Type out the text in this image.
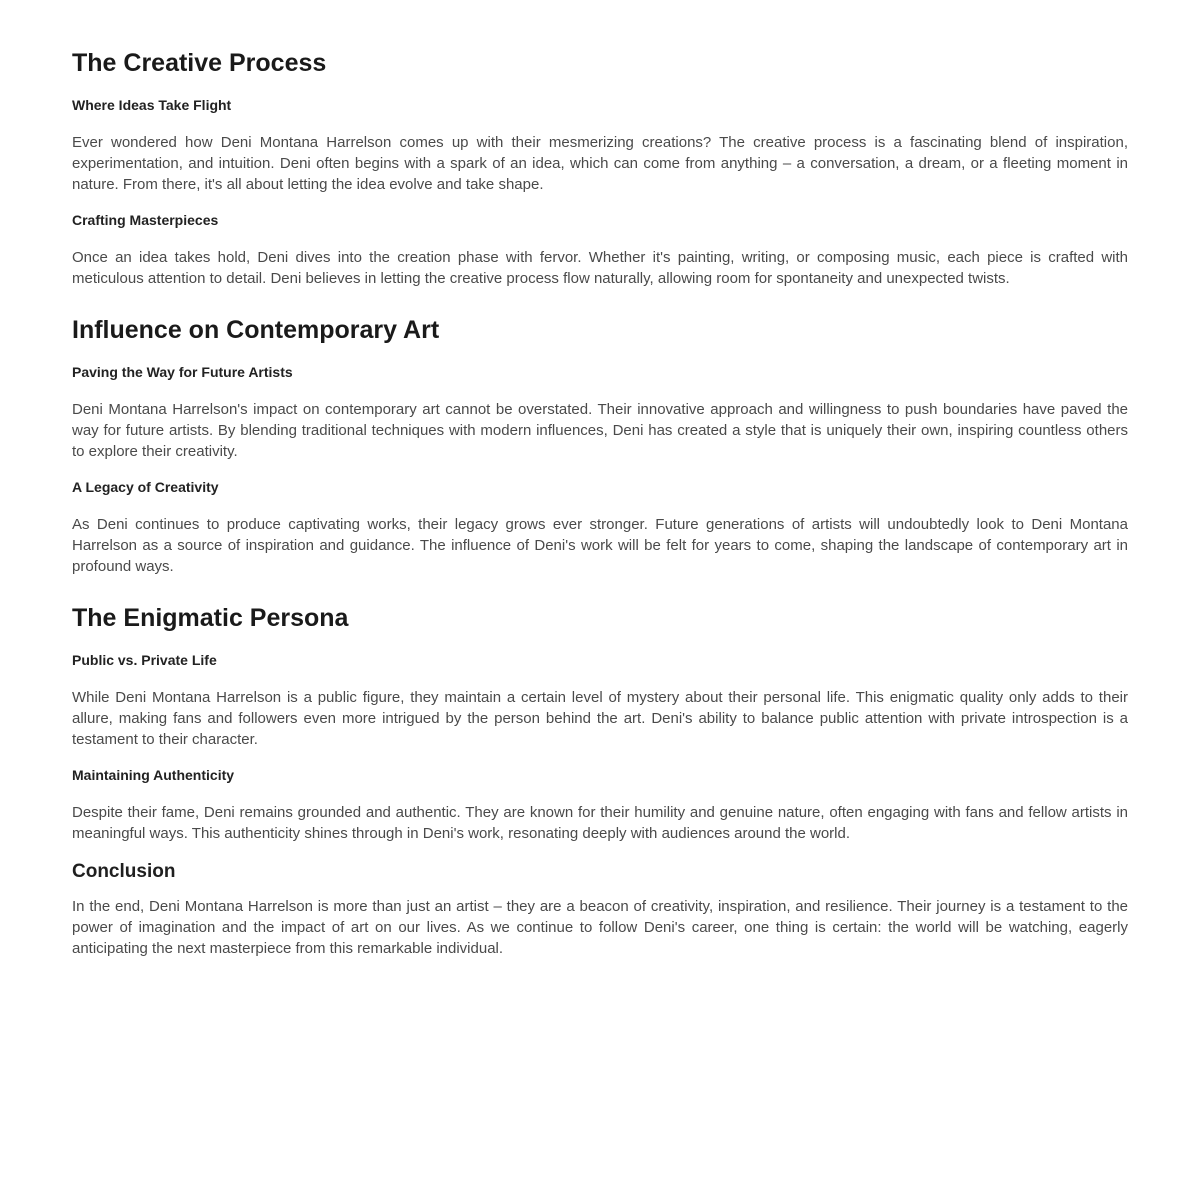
The Creative Process
Where Ideas Take Flight

Ever wondered how Deni Montana Harrelson comes up with their mesmerizing creations? The creative process is a fascinating blend of inspiration, experimentation, and intuition. Deni often begins with a spark of an idea, which can come from anything – a conversation, a dream, or a fleeting moment in nature. From there, it's all about letting the idea evolve and take shape.

Crafting Masterpieces

Once an idea takes hold, Deni dives into the creation phase with fervor. Whether it's painting, writing, or composing music, each piece is crafted with meticulous attention to detail. Deni believes in letting the creative process flow naturally, allowing room for spontaneity and unexpected twists.

Influence on Contemporary Art
Paving the Way for Future Artists

Deni Montana Harrelson's impact on contemporary art cannot be overstated. Their innovative approach and willingness to push boundaries have paved the way for future artists. By blending traditional techniques with modern influences, Deni has created a style that is uniquely their own, inspiring countless others to explore their creativity.

A Legacy of Creativity

As Deni continues to produce captivating works, their legacy grows ever stronger. Future generations of artists will undoubtedly look to Deni Montana Harrelson as a source of inspiration and guidance. The influence of Deni's work will be felt for years to come, shaping the landscape of contemporary art in profound ways.

The Enigmatic Persona
Public vs. Private Life

While Deni Montana Harrelson is a public figure, they maintain a certain level of mystery about their personal life. This enigmatic quality only adds to their allure, making fans and followers even more intrigued by the person behind the art. Deni's ability to balance public attention with private introspection is a testament to their character.

Maintaining Authenticity

Despite their fame, Deni remains grounded and authentic. They are known for their humility and genuine nature, often engaging with fans and fellow artists in meaningful ways. This authenticity shines through in Deni's work, resonating deeply with audiences around the world.

Conclusion

In the end, Deni Montana Harrelson is more than just an artist – they are a beacon of creativity, inspiration, and resilience. Their journey is a testament to the power of imagination and the impact of art on our lives. As we continue to follow Deni's career, one thing is certain: the world will be watching, eagerly anticipating the next masterpiece from this remarkable individual.
